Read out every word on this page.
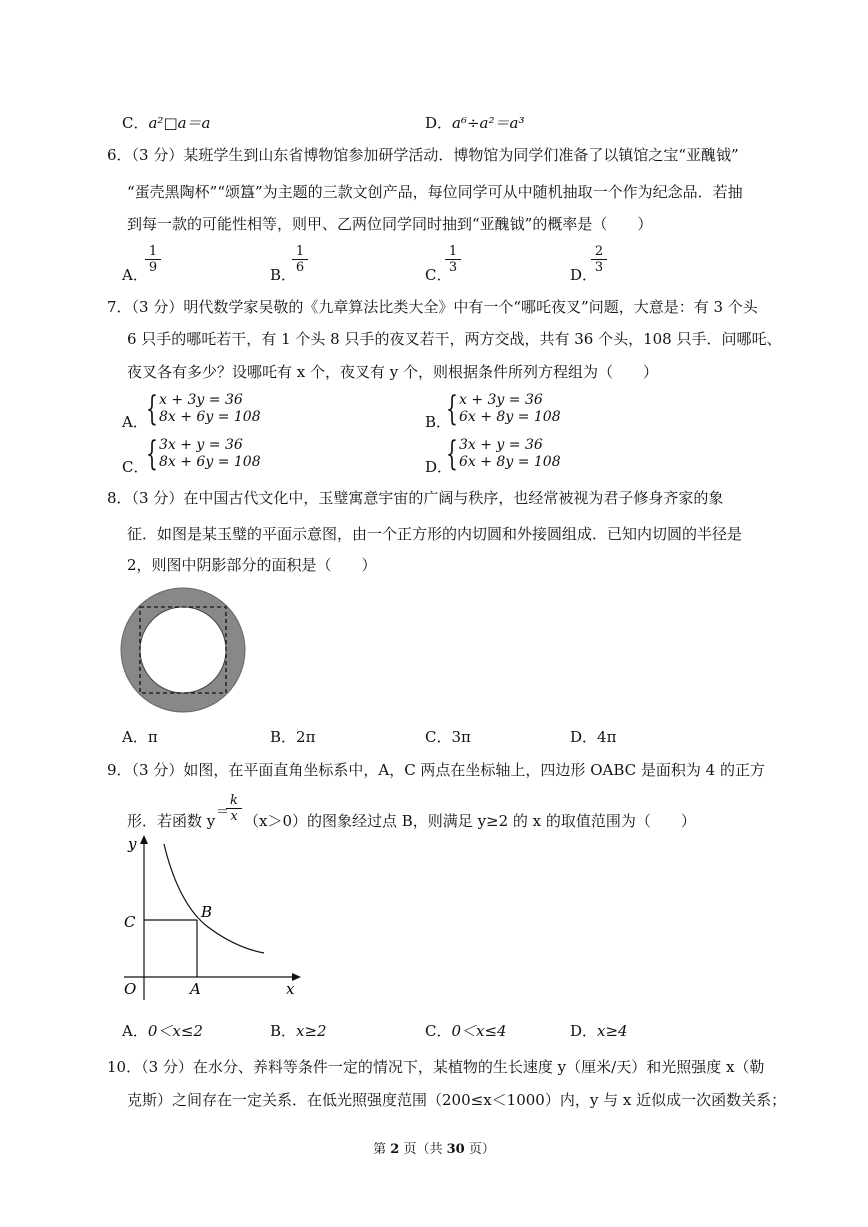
C．a²□a＝a	D．a⁶÷a²＝a³
6．（3 分）某班学生到山东省博物馆参加研学活动．博物馆为同学们准备了以镇馆之宝“亚醜钺”
“蛋壳黑陶杯”“颂簋”为主题的三款文创产品，每位同学可从中随机抽取一个作为纪念品．若抽
到每一款的可能性相等，则甲、乙两位同学同时抽到“亚醜钺”的概率是（　　）
A．
$\frac{1}{9}$	B．
$\frac{1}{6}$	C．
$\frac{1}{3}$	D．
$\frac{2}{3}$
7．（3 分）明代数学家吴敬的《九章算法比类大全》中有一个“哪吒夜叉”问题，大意是：有 3 个头
6 只手的哪吒若干，有 1 个头 8 只手的夜叉若干，两方交战，共有 36 个头，108 只手．问哪吒、
夜叉各有多少？设哪吒有 x 个，夜叉有 y 个，则根据条件所列方程组为（　　）
A．
{ x + 3y = 36
8x + 6y = 108	B．
{ x + 3y = 36
6x + 8y = 108
C．
{ 3x + y = 36
8x + 6y = 108	D．
{ 3x + y = 36
6x + 8y = 108
8．（3 分）在中国古代文化中，玉璧寓意宇宙的广阔与秩序，也经常被视为君子修身齐家的象
征．如图是某玉璧的平面示意图，由一个正方形的内切圆和外接圆组成．已知内切圆的半径是
2，则图中阴影部分的面积是（　　）
A．π	B．2π	C．3π	D．4π
9．（3 分）如图，在平面直角坐标系中，A，C 两点在坐标轴上，四边形 OABC 是面积为 4 的正方
形．若函数 y ＝
$\frac{k}{x} (x>0)$的图象经过点 B，则满足 y≥2 的 x 的取值范围为（　　）
y
x
O	A
B
C
A．0＜x≤2	B．x≥2	C．0＜x≤4	D．x≥4
10．（3 分）在水分、养料等条件一定的情况下，某植物的生长速度 y（厘米/天）和光照强度 x（勒
克斯）之间存在一定关系．在低光照强度范围（200≤x＜1000）内，y 与 x 近似成一次函数关系；
第 2 页（共 30 页）
